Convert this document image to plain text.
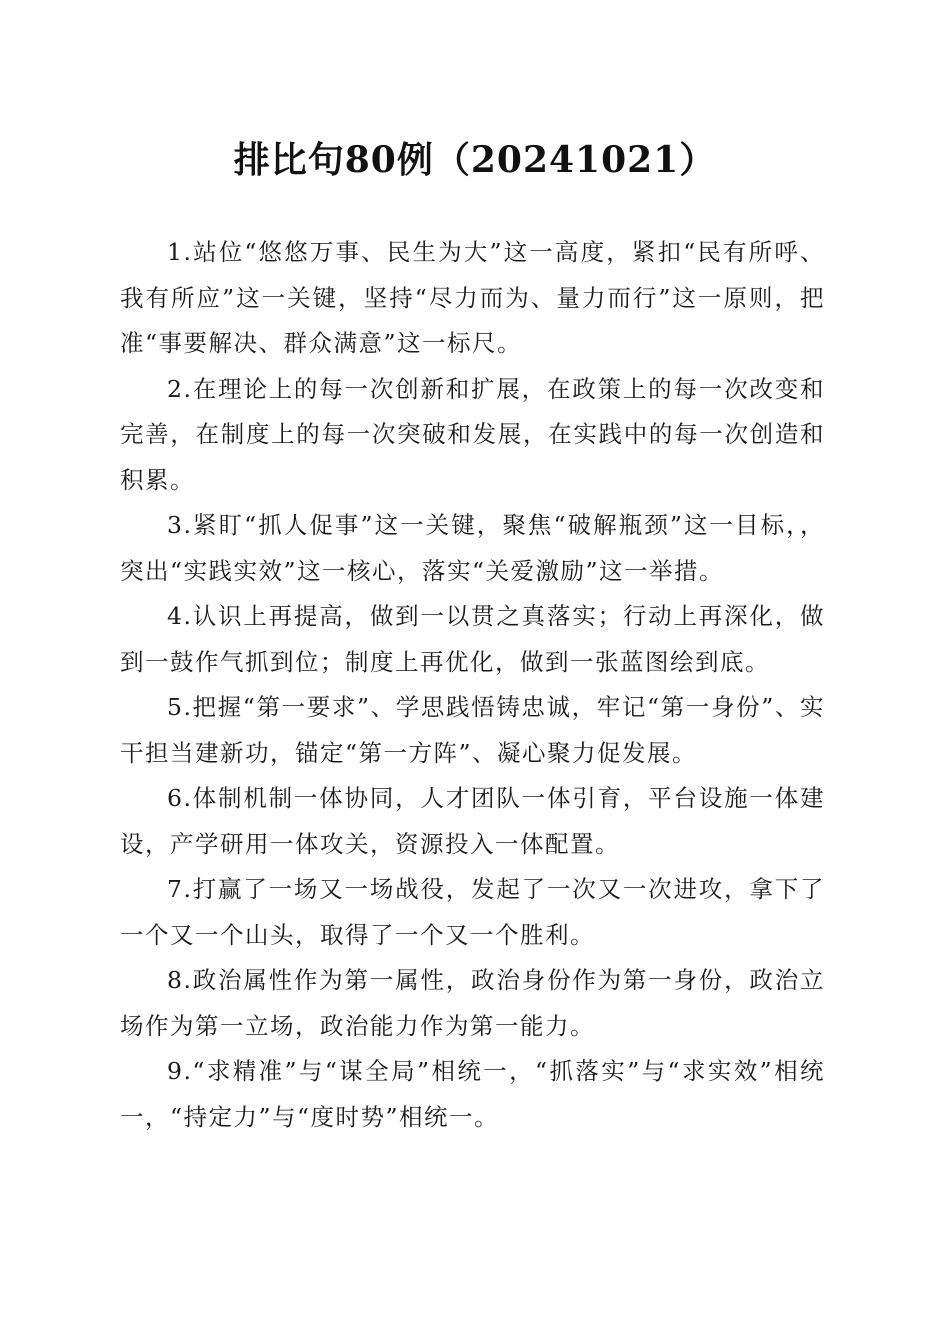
排比句80例（20241021）

1.站位“悠悠万事、民生为大”这一高度，紧扣“民有所呼、我有所应”这一关键，坚持“尽力而为、量力而行”这一原则，把准“事要解决、群众满意”这一标尺。

2.在理论上的每一次创新和扩展，在政策上的每一次改变和完善，在制度上的每一次突破和发展，在实践中的每一次创造和积累。

3.紧盯“抓人促事”这一关键，聚焦“破解瓶颈”这一目标，，突出“实践实效”这一核心，落实“关爱激励”这一举措。

4.认识上再提高，做到一以贯之真落实；行动上再深化，做到一鼓作气抓到位；制度上再优化，做到一张蓝图绘到底。

5.把握“第一要求”、学思践悟铸忠诚，牢记“第一身份”、实干担当建新功，锚定“第一方阵”、凝心聚力促发展。

6.体制机制一体协同，人才团队一体引育，平台设施一体建设，产学研用一体攻关，资源投入一体配置。

7.打赢了一场又一场战役，发起了一次又一次进攻，拿下了一个又一个山头，取得了一个又一个胜利。

8.政治属性作为第一属性，政治身份作为第一身份，政治立场作为第一立场，政治能力作为第一能力。

9.“求精准”与“谋全局”相统一，“抓落实”与“求实效”相统一，“持定力”与“度时势”相统一。
